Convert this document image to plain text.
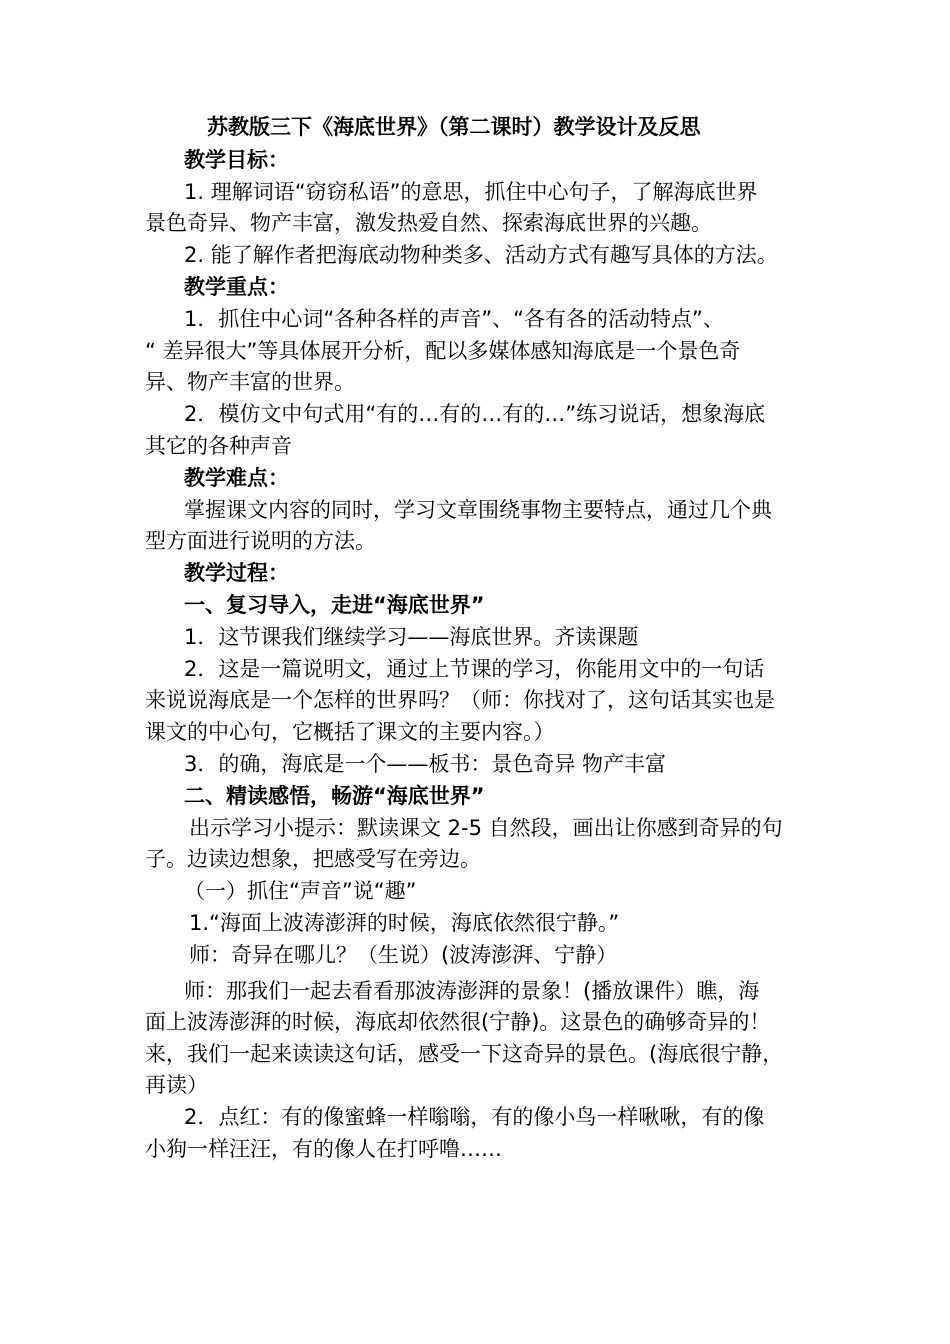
苏教版三下《海底世界》（第二课时）教学设计及反思

教学目标：

1. 理解词语“窃窃私语”的意思，抓住中心句子，了解海底世界

景色奇异、物产丰富，激发热爱自然、探索海底世界的兴趣。

2. 能了解作者把海底动物种类多、活动方式有趣写具体的方法。

教学重点：

1．抓住中心词“各种各样的声音”、“各有各的活动特点”、

“ 差异很大”等具体展开分析，配以多媒体感知海底是一个景色奇

异、物产丰富的世界。

2．模仿文中句式用“有的…有的…有的…”练习说话，想象海底

其它的各种声音

教学难点：

掌握课文内容的同时，学习文章围绕事物主要特点，通过几个典

型方面进行说明的方法。

教学过程：

一、复习导入，走进“海底世界”

1．这节课我们继续学习——海底世界。齐读课题

2．这是一篇说明文，通过上节课的学习，你能用文中的一句话

来说说海底是一个怎样的世界吗？（师：你找对了，这句话其实也是

课文的中心句，它概括了课文的主要内容。）

3．的确，海底是一个——板书：景色奇异 物产丰富

二、精读感悟，畅游“海底世界”

出示学习小提示：默读课文 2-5 自然段，画出让你感到奇异的句

子。边读边想象，把感受写在旁边。

（一）抓住“声音”说“趣”

1.“海面上波涛澎湃的时候，海底依然很宁静。”

师：奇异在哪儿？（生说）(波涛澎湃、宁静）

师：那我们一起去看看那波涛澎湃的景象！(播放课件）瞧，海

面上波涛澎湃的时候，海底却依然很(宁静)。这景色的确够奇异的！

来，我们一起来读读这句话，感受一下这奇异的景色。(海底很宁静，

再读）

2．点红：有的像蜜蜂一样嗡嗡，有的像小鸟一样啾啾，有的像

小狗一样汪汪，有的像人在打呼噜……
